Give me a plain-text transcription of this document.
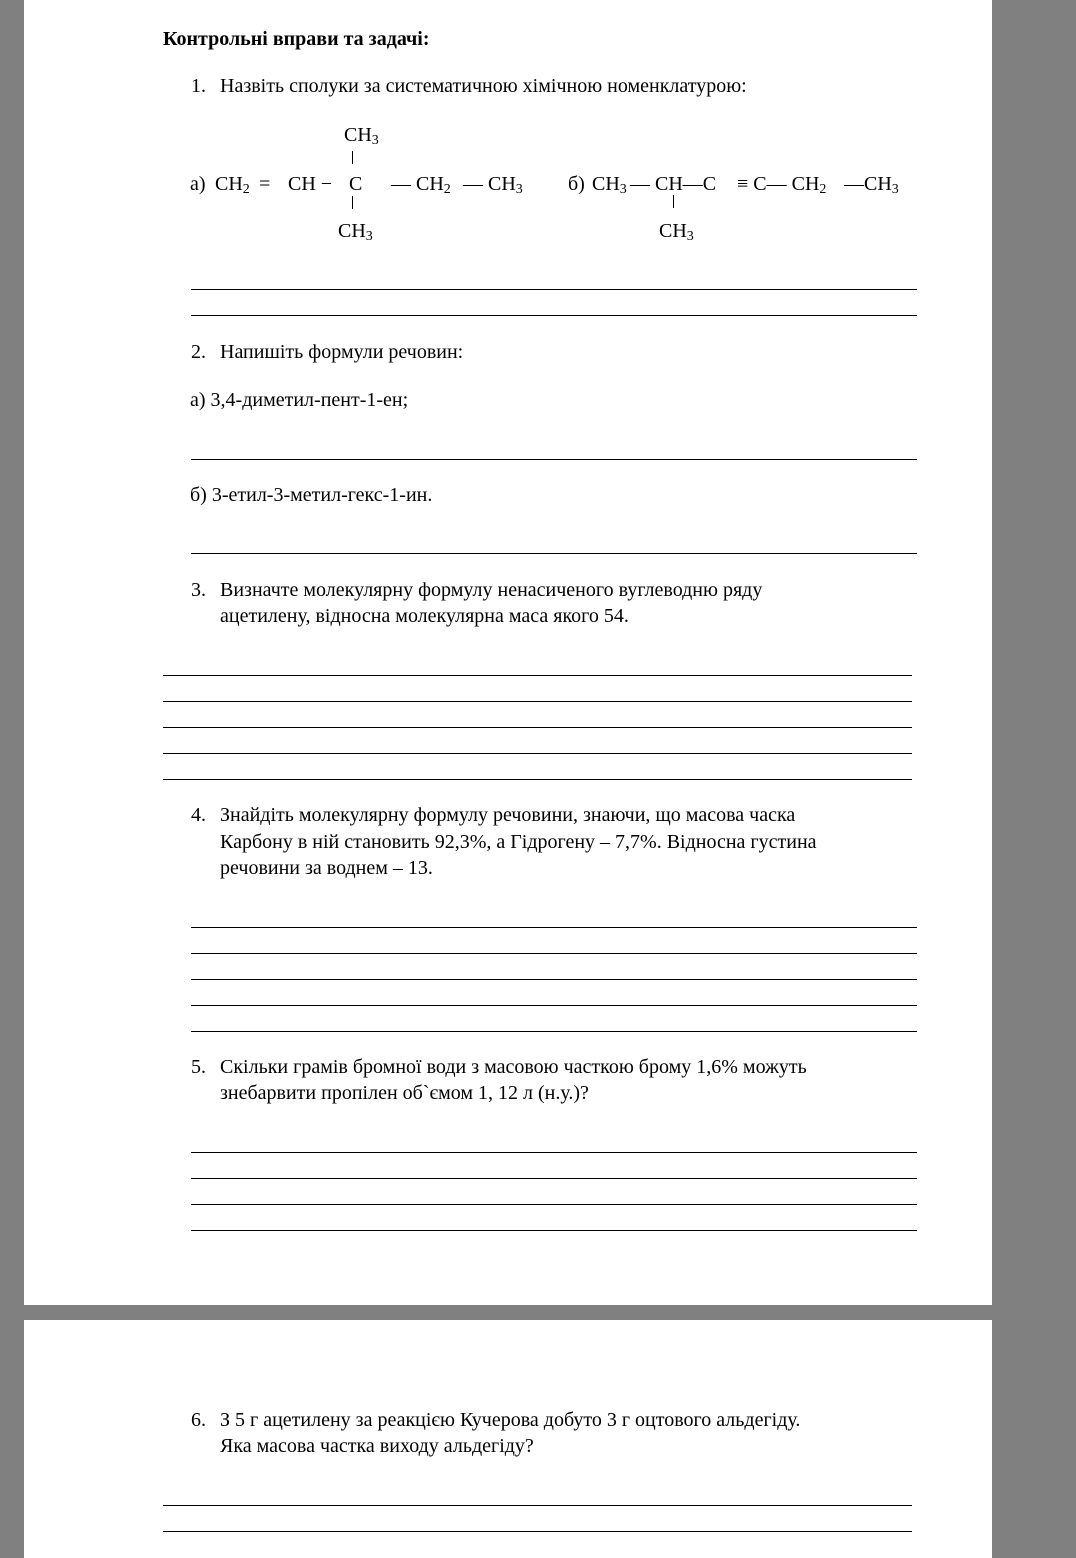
Контрольні вправи та задачі:
1. Назвіть сполуки за систематичною хімічною номенклатурою:
$CH_3$
а) $CH_2$ = CH − C — $CH_2$ — $CH_3$
$CH_3$
б) $CH_3$ — CH—C ≡ C— $CH_2$ $—CH_3$
$CH_3$
2. Напишіть формули речовин:
а) 3,4-диметил-пент-1-ен;
б) 3-етил-3-метил-гекс-1-ин.
3. Визначте молекулярну формулу ненасиченого вуглеводню ряду
ацетилену, відносна молекулярна маса якого 54.
4. Знайдіть молекулярну формулу речовини, знаючи, що масова часка
Карбону в ній становить 92,3%, а Гідрогену – 7,7%. Відносна густина
речовини за воднем – 13.
5. Скільки грамів бромної води з масовою часткою брому 1,6% можуть
знебарвити пропілен об`ємом 1, 12 л (н.у.)?
6. З 5 г ацетилену за реакцією Кучерова добуто 3 г оцтового альдегіду.
Яка масова частка виходу альдегіду?
